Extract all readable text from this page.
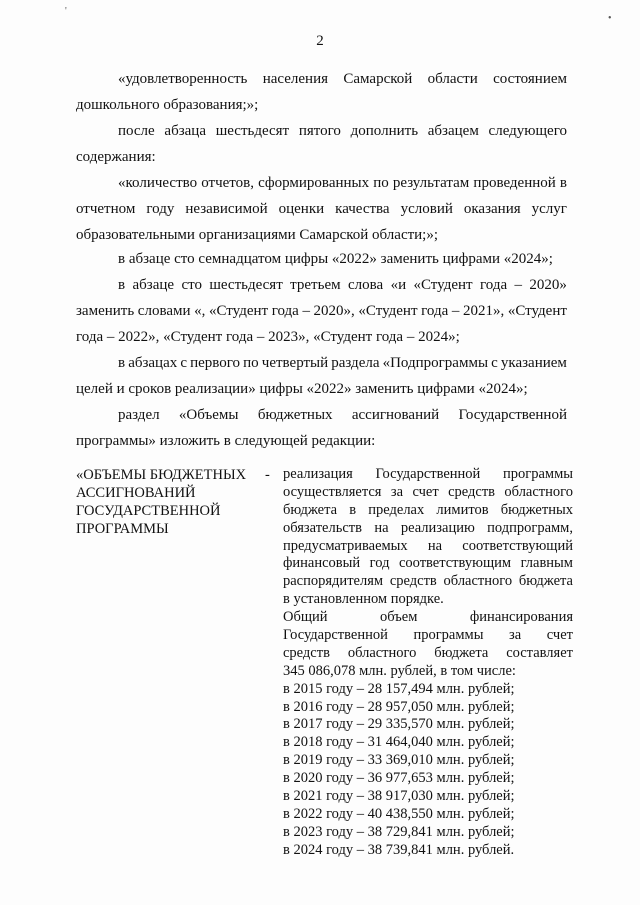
2
«удовлетворенность населения Самарской области состоянием
дошкольного образования;»;
после абзаца шестьдесят пятого дополнить абзацем следующего
содержания:
«количество отчетов, сформированных по результатам проведенной в
отчетном году независимой оценки качества условий оказания услуг
образовательными организациями Самарской области;»;
в абзаце сто семнадцатом цифры «2022» заменить цифрами «2024»;
в абзаце сто шестьдесят третьем слова «и «Студент года – 2020»
заменить словами «, «Студент года – 2020», «Студент года – 2021», «Студент
года – 2022», «Студент года – 2023», «Студент года – 2024»;
в абзацах с первого по четвертый раздела «Подпрограммы с указанием
целей и сроков реализации» цифры «2022» заменить цифрами «2024»;
раздел «Объемы бюджетных ассигнований Государственной
программы» изложить в следующей редакции:
«ОБЪЕМЫ БЮДЖЕТНЫХ
АССИГНОВАНИЙ
ГОСУДАРСТВЕННОЙ
ПРОГРАММЫ
- реализация Государственной программы
осуществляется за счет средств областного
бюджета в пределах лимитов бюджетных
обязательств на реализацию подпрограмм,
предусматриваемых на соответствующий
финансовый год соответствующим главным
распорядителям средств областного бюджета
в установленном порядке.
Общий	объем	финансирования
Государственной программы за счет
средств областного бюджета составляет
345 086,078 млн. рублей, в том числе:
в 2015 году – 28 157,494 млн. рублей;
в 2016 году – 28 957,050 млн. рублей;
в 2017 году – 29 335,570 млн. рублей;
в 2018 году – 31 464,040 млн. рублей;
в 2019 году – 33 369,010 млн. рублей;
в 2020 году – 36 977,653 млн. рублей;
в 2021 году – 38 917,030 млн. рублей;
в 2022 году – 40 438,550 млн. рублей;
в 2023 году – 38 729,841 млн. рублей;
в 2024 году – 38 739,841 млн. рублей.
'
•
